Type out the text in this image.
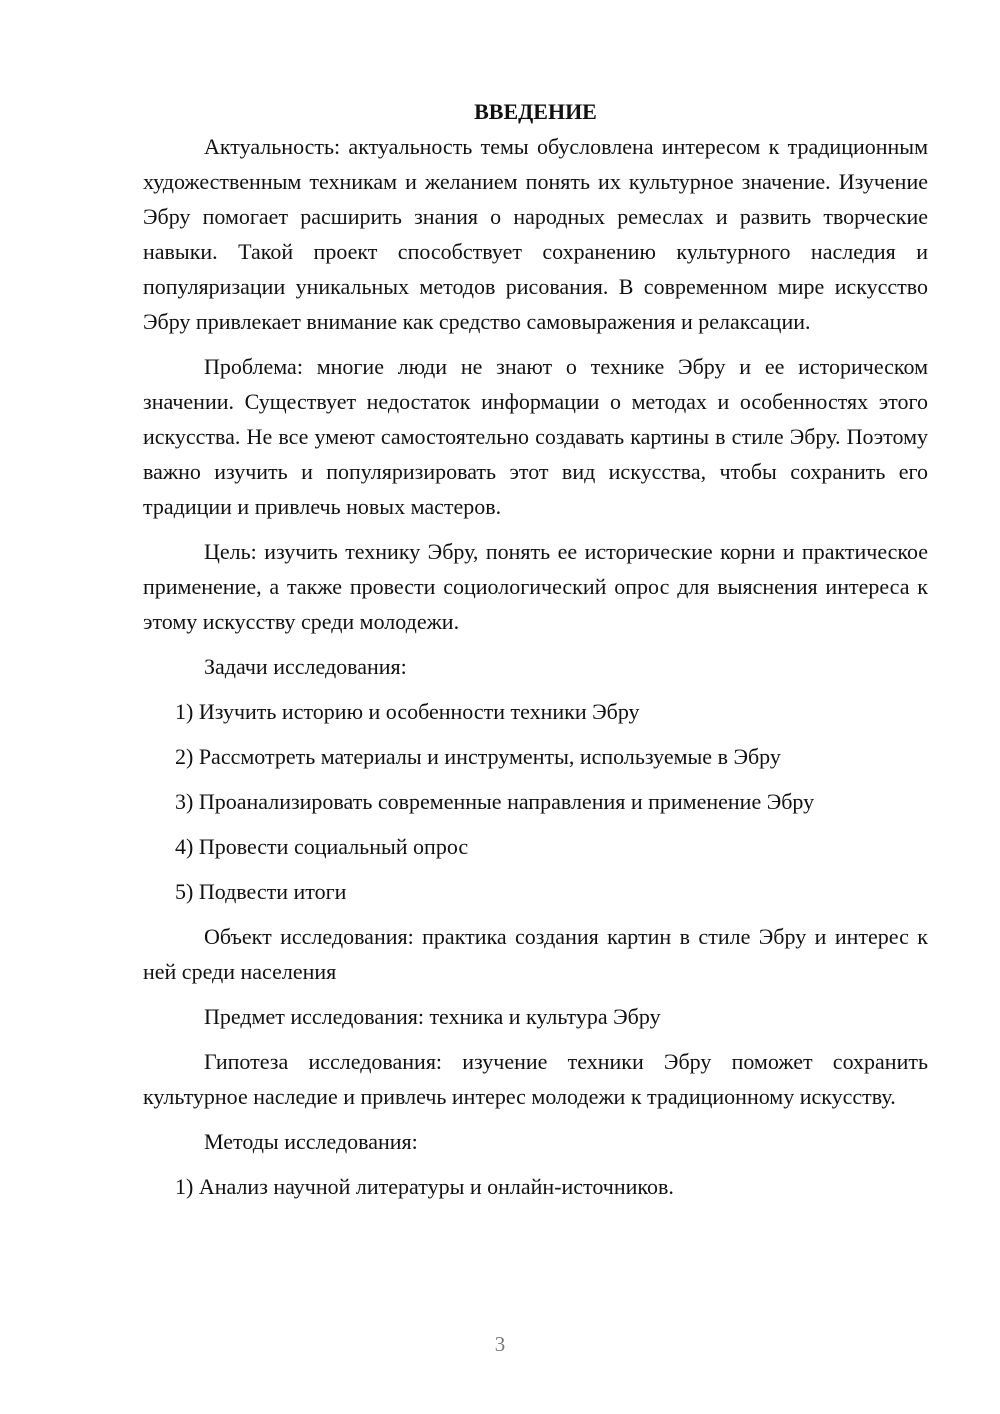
ВВЕДЕНИЕ

Актуальность: актуальность темы обусловлена интересом к традиционным художественным техникам и желанием понять их культурное значение. Изучение Эбру помогает расширить знания о народных ремеслах и развить творческие навыки. Такой проект способствует сохранению культурного наследия и популяризации уникальных методов рисования. В современном мире искусство Эбру привлекает внимание как средство самовыражения и релаксации.

Проблема: многие люди не знают о технике Эбру и ее историческом значении. Существует недостаток информации о методах и особенностях этого искусства. Не все умеют самостоятельно создавать картины в стиле Эбру. Поэтому важно изучить и популяризировать этот вид искусства, чтобы сохранить его традиции и привлечь новых мастеров.

Цель: изучить технику Эбру, понять ее исторические корни и практическое применение, а также провести социологический опрос для выяснения интереса к этому искусству среди молодежи.

Задачи исследования:

1) Изучить историю и особенности техники Эбру

2) Рассмотреть материалы и инструменты, используемые в Эбру

3) Проанализировать современные направления и применение Эбру

4) Провести социальный опрос

5) Подвести итоги

Объект исследования: практика создания картин в стиле Эбру и интерес к ней среди населения

Предмет исследования: техника и культура Эбру

Гипотеза исследования: изучение техники Эбру поможет сохранить культурное наследие и привлечь интерес молодежи к традиционному искусству.

Методы исследования:

1) Анализ научной литературы и онлайн-источников.

3
